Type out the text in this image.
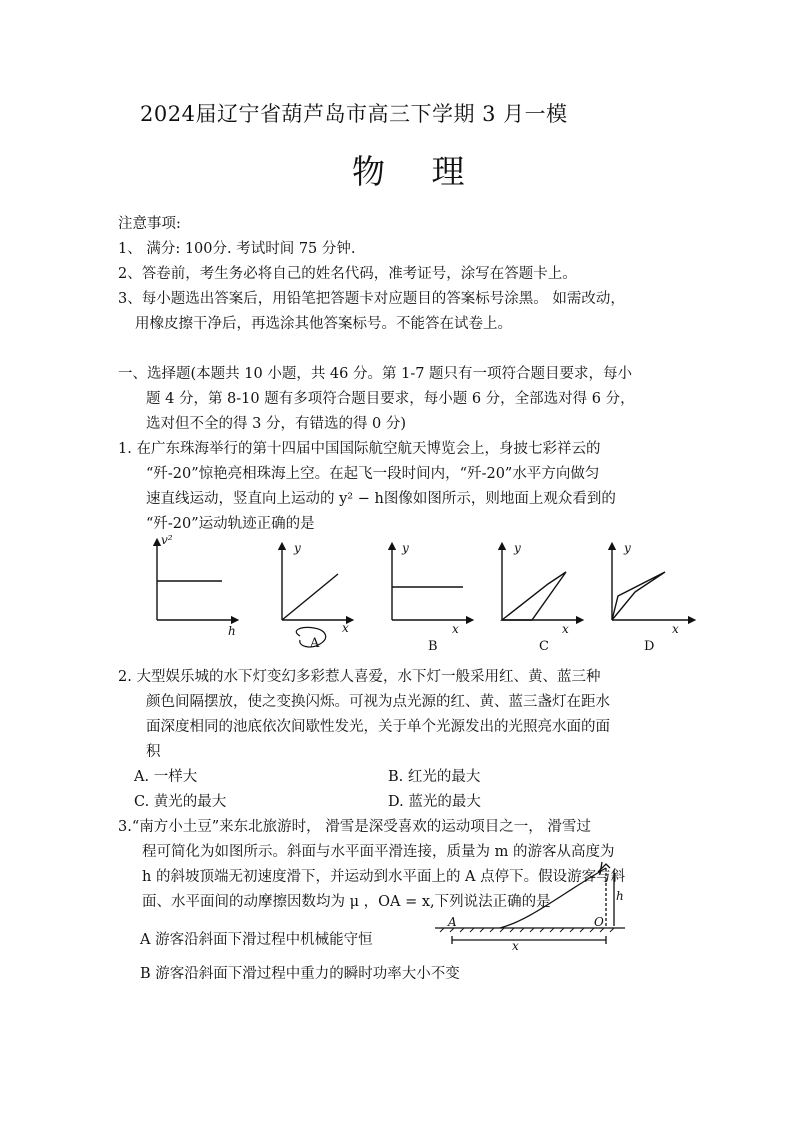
2024届辽宁省葫芦岛市高三下学期 3 月一模
物 理
注意事项:
1、 满分: 100分. 考试时间 75 分钟.
2、答卷前，考生务必将自己的姓名代码，准考证号，涂写在答题卡上。
3、每小题选出答案后，用铅笔把答题卡对应题目的答案标号涂黑。 如需改动，
用橡皮擦干净后，再选涂其他答案标号。不能答在试卷上。
一、选择题(本题共 10 小题，共 46 分。第 1-7 题只有一项符合题目要求，每小
题 4 分，第 8-10 题有多项符合题目要求，每小题 6 分，全部选对得 6 分，
选对但不全的得 3 分，有错选的得 0 分)
1. 在广东珠海举行的第十四届中国国际航空航天博览会上，身披七彩祥云的
“歼-20”惊艳亮相珠海上空。在起飞一段时间内，“歼-20”水平方向做匀
速直线运动，竖直向上运动的 y² − h图像如图所示，则地面上观众看到的
“歼-20”运动轨迹正确的是
v²
h
y
x
y
x
y
x
y
x
A	B	C	D
2. 大型娱乐城的水下灯变幻多彩惹人喜爱，水下灯一般采用红、黄、蓝三种
颜色间隔摆放，使之变换闪烁。可视为点光源的红、黄、蓝三盏灯在距水
面深度相同的池底依次间歇性发光，关于单个光源发出的光照亮水面的面
积
A. 一样大	B. 红光的最大
C. 黄光的最大	D. 蓝光的最大
3.“南方小土豆”来东北旅游时， 滑雪是深受喜欢的运动项目之一， 滑雪过
程可简化为如图所示。斜面与水平面平滑连接，质量为 m 的游客从高度为
h 的斜坡顶端无初速度滑下，并运动到水平面上的 A 点停下。假设游客与斜
面、水平面间的动摩擦因数均为 μ ，OA = x,下列说法正确的是
A	O
h
x
A 游客沿斜面下滑过程中机械能守恒
B 游客沿斜面下滑过程中重力的瞬时功率大小不变
